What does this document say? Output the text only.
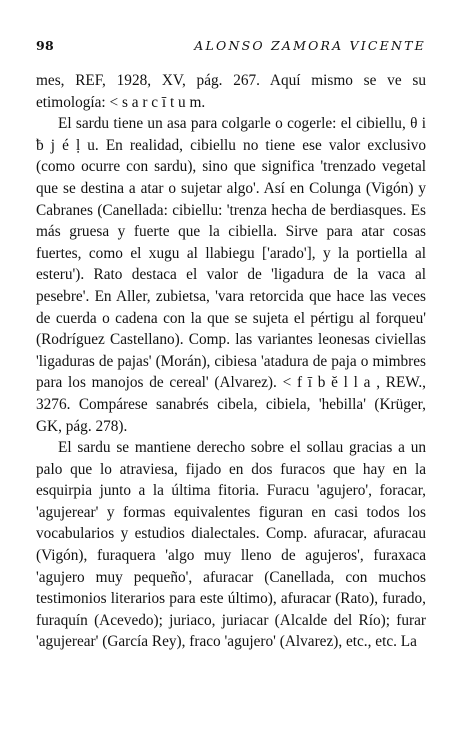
98	ALONSO ZAMORA VICENTE

mes, REF, 1928, XV, pág. 267. Aquí mismo se ve su etimología: < s a r c ī t u m.

El sardu tiene un asa para colgarle o cogerle: el cibiellu, θ i ƀ j é ḷ u. En realidad, cibiellu no tiene ese valor exclusivo (como ocurre con sardu), sino que significa 'trenzado vegetal que se destina a atar o sujetar algo'. Así en Colunga (Vigón) y Cabranes (Canellada: cibiellu: 'trenza hecha de berdiasques. Es más gruesa y fuerte que la cibiella. Sirve para atar cosas fuertes, como el xugu al llabiegu ['arado'], y la portiella al esteru'). Rato destaca el valor de 'ligadura de la vaca al pesebre'. En Aller, zubietsa, 'vara retorcida que hace las veces de cuerda o cadena con la que se sujeta el pértigu al forqueu' (Rodríguez Castellano). Comp. las variantes leonesas civiellas 'ligaduras de pajas' (Morán), cibiesa 'atadura de paja o mimbres para los manojos de cereal' (Alvarez). < f ī b ĕ l l a , REW., 3276. Compárese sanabrés cibela, cibiela, 'hebilla' (Krüger, GK, pág. 278).

El sardu se mantiene derecho sobre el sollau gracias a un palo que lo atraviesa, fijado en dos furacos que hay en la esquirpia junto a la última fitoria. Furacu 'agujero', foracar, 'agujerear' y formas equivalentes figuran en casi todos los vocabularios y estudios dialectales. Comp. afuracar, afuracau (Vigón), furaquera 'algo muy lleno de agujeros', furaxaca 'agujero muy pequeño', afuracar (Canellada, con muchos testimonios literarios para este último), afuracar (Rato), furado, furaquín (Acevedo); juriaco, juriacar (Alcalde del Río); furar 'agujerear' (García Rey), fraco 'agujero' (Alvarez), etc., etc. La
